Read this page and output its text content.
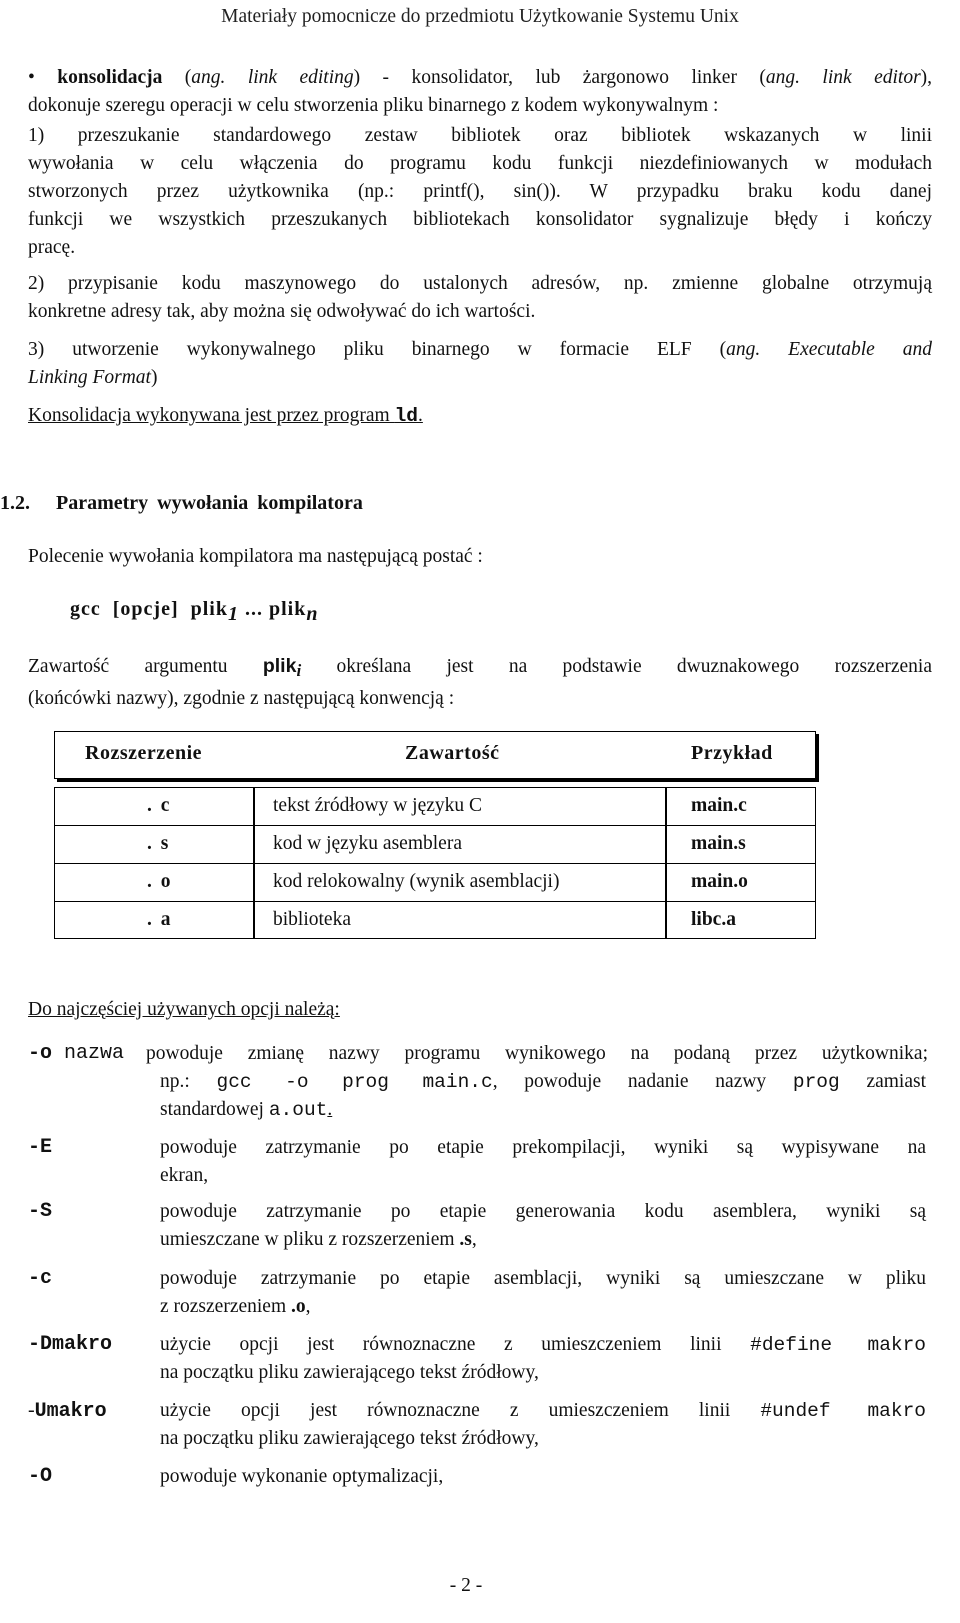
Materiały pomocnicze do przedmiotu Użytkowanie Systemu Unix
• konsolidacja (ang. link editing) - konsolidator, lub żargonowo linker (ang. link editor),
dokonuje szeregu operacji w celu stworzenia pliku binarnego z kodem wykonywalnym :
1) przeszukanie standardowego zestaw bibliotek oraz bibliotek wskazanych w linii
wywołania w celu włączenia do programu kodu funkcji niezdefiniowanych w modułach
stworzonych przez użytkownika (np.: printf(), sin()). W przypadku braku kodu danej
funkcji we wszystkich przeszukanych bibliotekach konsolidator sygnalizuje błędy i kończy
pracę.
2) przypisanie kodu maszynowego do ustalonych adresów, np. zmienne globalne otrzymują
konkretne adresy tak, aby można się odwoływać do ich wartości.
3) utworzenie wykonywalnego pliku binarnego w formacie ELF (ang. Executable and
Linking Format)
Konsolidacja wykonywana jest przez program ld.
1.2. Parametry wywołania kompilatora
Polecenie wywołania kompilatora ma następującą postać :
gcc [opcje] plik$_1$ ... plik$_n$
Zawartość argumentu plik$_i$ określana jest na podstawie dwuznakowego rozszerzenia
(końcówki nazwy), zgodnie z następującą konwencją :
Rozszerzenie	Zawartość	Przykład
. c	tekst źródłowy w języku C	main.c
. s	kod w języku asemblera	main.s
. o	kod relokowalny (wynik asemblacji)	main.o
. a	biblioteka	libc.a
Do najczęściej używanych opcji należą:
-o nazwa powoduje zmianę nazwy programu wynikowego na podaną przez użytkownika;
np.: gcc -o prog main.c, powoduje nadanie nazwy prog zamiast
standardowej a.out.
-E	powoduje zatrzymanie po etapie prekompilacji, wyniki są wypisywane na
ekran,
-S	powoduje zatrzymanie po etapie generowania kodu asemblera, wyniki są
umieszczane w pliku z rozszerzeniem .s,
-c	powoduje zatrzymanie po etapie asemblacji, wyniki są umieszczane w pliku
z rozszerzeniem .o,
-Dmakro użycie opcji jest równoznaczne z umieszczeniem linii #define makro
na początku pliku zawierającego tekst źródłowy,
-Umakro	użycie opcji jest równoznaczne z umieszczeniem linii #undef makro
na początku pliku zawierającego tekst źródłowy,
-O	powoduje wykonanie optymalizacji,
- 2 -
